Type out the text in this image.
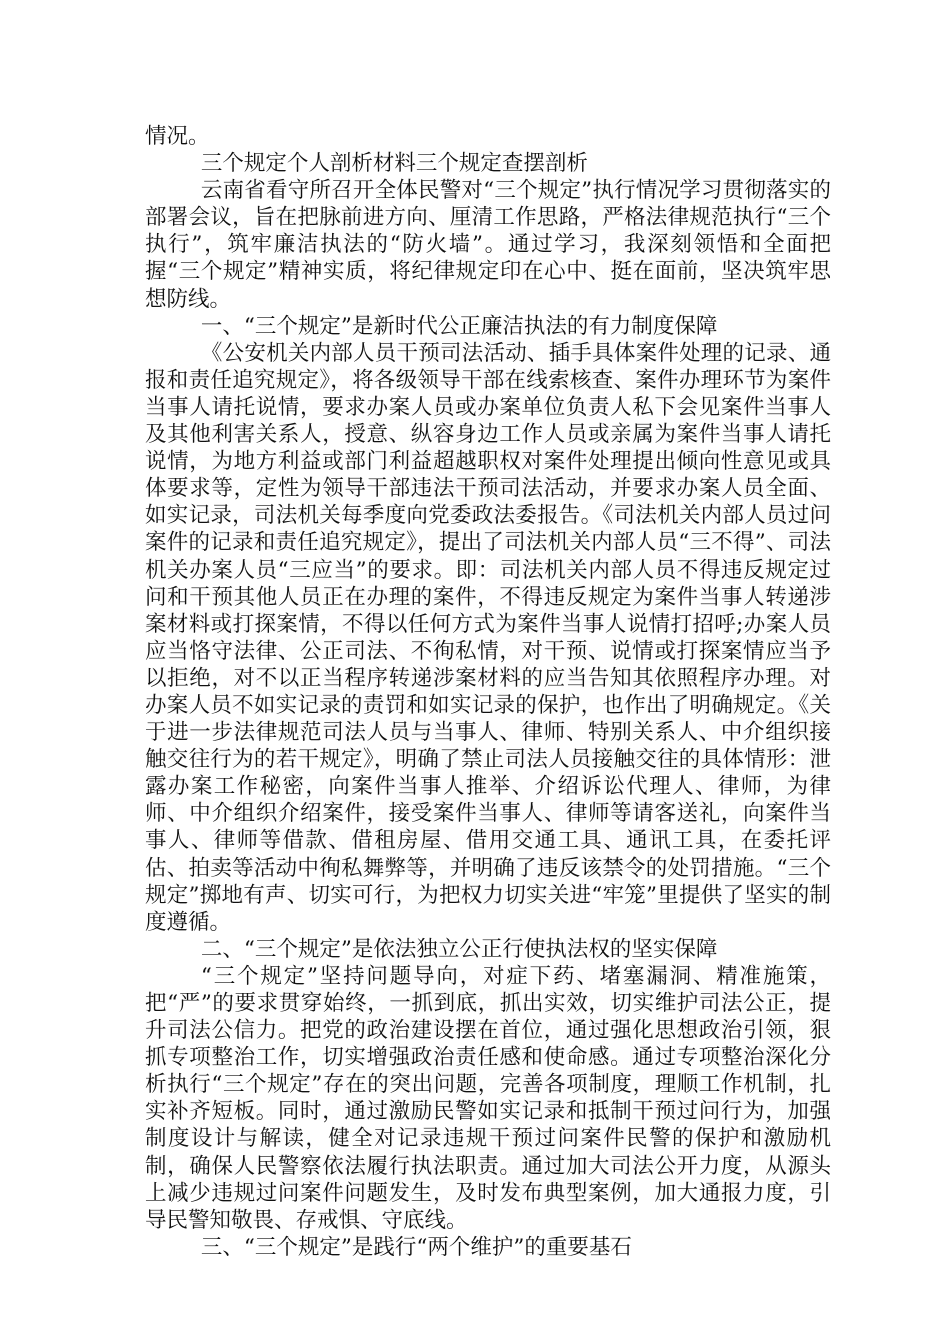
情况。

三个规定个人剖析材料三个规定查摆剖析

云南省看守所召开全体民警对“三个规定”执行情况学习贯彻落实的部署会议，旨在把脉前进方向、厘清工作思路，严格法律规范执行“三个执行”，筑牢廉洁执法的“防火墙”。通过学习，我深刻领悟和全面把握“三个规定”精神实质，将纪律规定印在心中、挺在面前，坚决筑牢思想防线。

一、“三个规定”是新时代公正廉洁执法的有力制度保障

《公安机关内部人员干预司法活动、插手具体案件处理的记录、通报和责任追究规定》，将各级领导干部在线索核查、案件办理环节为案件当事人请托说情，要求办案人员或办案单位负责人私下会见案件当事人及其他利害关系人，授意、纵容身边工作人员或亲属为案件当事人请托说情，为地方利益或部门利益超越职权对案件处理提出倾向性意见或具体要求等，定性为领导干部违法干预司法活动，并要求办案人员全面、如实记录，司法机关每季度向党委政法委报告。《司法机关内部人员过问案件的记录和责任追究规定》，提出了司法机关内部人员“三不得”、司法机关办案人员“三应当”的要求。即：司法机关内部人员不得违反规定过问和干预其他人员正在办理的案件，不得违反规定为案件当事人转递涉案材料或打探案情，不得以任何方式为案件当事人说情打招呼;办案人员应当恪守法律、公正司法、不徇私情，对干预、说情或打探案情应当予以拒绝，对不以正当程序转递涉案材料的应当告知其依照程序办理。对办案人员不如实记录的责罚和如实记录的保护，也作出了明确规定。《关于进一步法律规范司法人员与当事人、律师、特别关系人、中介组织接触交往行为的若干规定》，明确了禁止司法人员接触交往的具体情形：泄露办案工作秘密，向案件当事人推举、介绍诉讼代理人、律师，为律师、中介组织介绍案件，接受案件当事人、律师等请客送礼，向案件当事人、律师等借款、借租房屋、借用交通工具、通讯工具，在委托评估、拍卖等活动中徇私舞弊等，并明确了违反该禁令的处罚措施。“三个规定”掷地有声、切实可行，为把权力切实关进“牢笼”里提供了坚实的制度遵循。

二、“三个规定”是依法独立公正行使执法权的坚实保障

“三个规定”坚持问题导向，对症下药、堵塞漏洞、精准施策，把“严”的要求贯穿始终，一抓到底，抓出实效，切实维护司法公正，提升司法公信力。把党的政治建设摆在首位，通过强化思想政治引领，狠抓专项整治工作，切实增强政治责任感和使命感。通过专项整治深化分析执行“三个规定”存在的突出问题，完善各项制度，理顺工作机制，扎实补齐短板。同时，通过激励民警如实记录和抵制干预过问行为，加强制度设计与解读，健全对记录违规干预过问案件民警的保护和激励机制，确保人民警察依法履行执法职责。通过加大司法公开力度，从源头上减少违规过问案件问题发生，及时发布典型案例，加大通报力度，引导民警知敬畏、存戒惧、守底线。

三、“三个规定”是践行“两个维护”的重要基石
